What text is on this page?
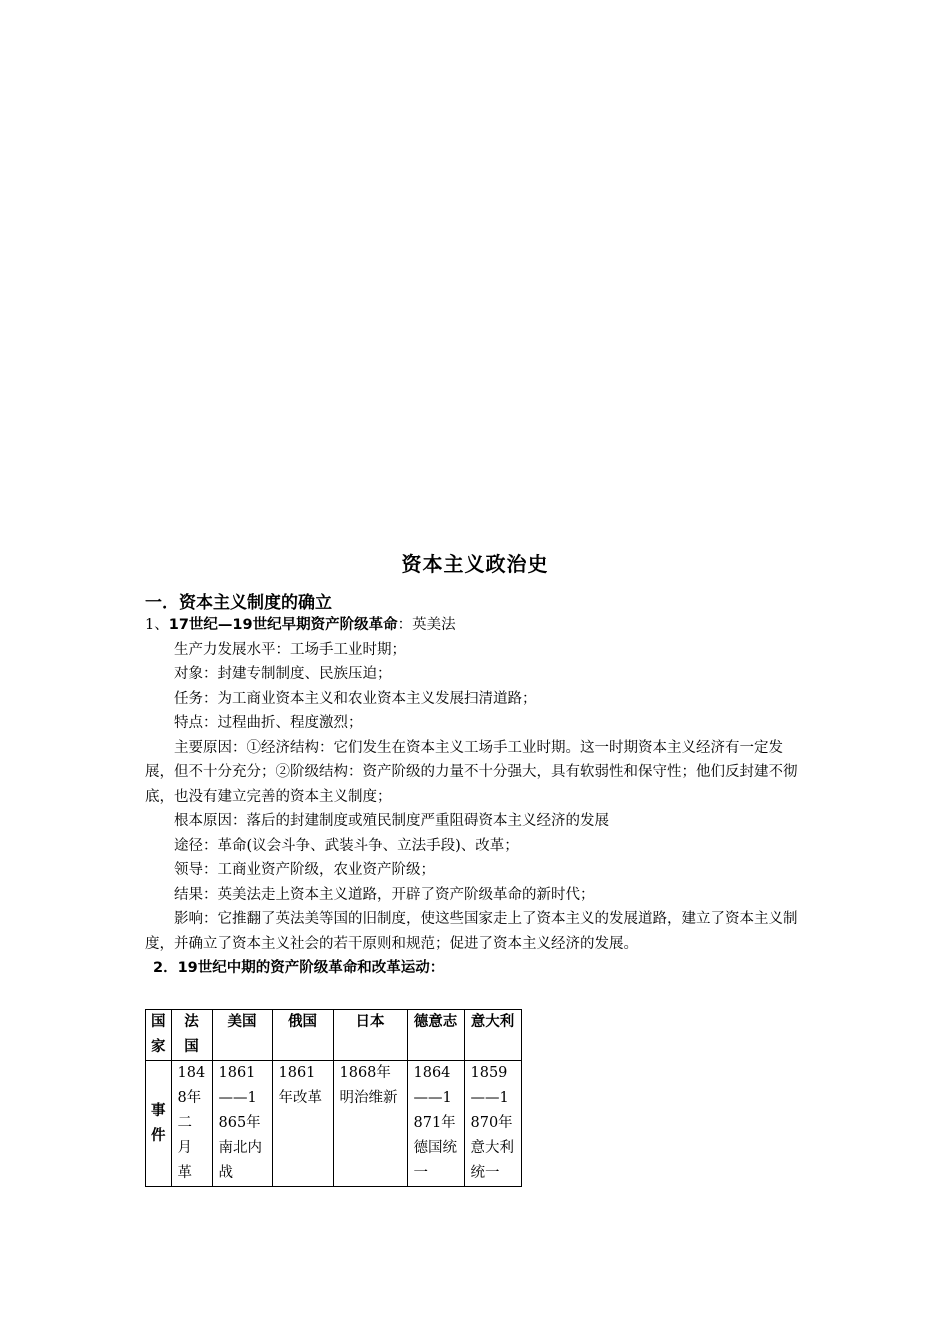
资本主义政治史
一．资本主义制度的确立

1、17世纪—19世纪早期资产阶级革命：英美法

生产力发展水平：工场手工业时期；

对象：封建专制制度、民族压迫；

任务：为工商业资本主义和农业资本主义发展扫清道路；

特点：过程曲折、程度激烈；

主要原因：①经济结构：它们发生在资本主义工场手工业时期。这一时期资本主义经济有一定发展，但不十分充分；②阶级结构：资产阶级的力量不十分强大，具有软弱性和保守性；他们反封建不彻底，也没有建立完善的资本主义制度；

根本原因：落后的封建制度或殖民制度严重阻碍资本主义经济的发展

途径：革命(议会斗争、武装斗争、立法手段)、改革；

领导：工商业资产阶级，农业资产阶级；

结果：英美法走上资本主义道路，开辟了资产阶级革命的新时代；

影响：它推翻了英法美等国的旧制度，使这些国家走上了资本主义的发展道路，建立了资本主义制度，并确立了资本主义社会的若干原则和规范；促进了资本主义经济的发展。

2．19世纪中期的资产阶级革命和改革运动：

国家	法国	美国	俄国	日本	德意志	意大利
事件	1848年二月革	1861——1865年南北内战	1861年改革	1868年明治维新	1864——1871年德国统一	1859——1870年意大利统一
